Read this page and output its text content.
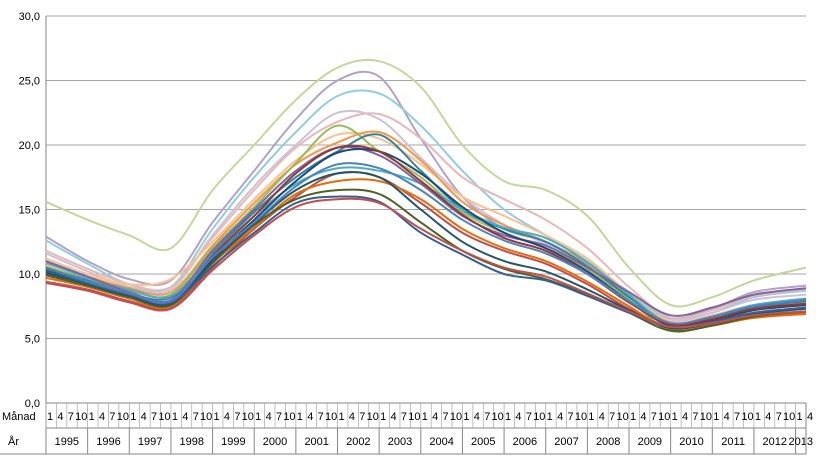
0,0
5,0
10,0
15,0
20,0
25,0
30,0
Månad
År
1 4 7 10
1995
1 4 7 10
1996
1 4 7 10
1997
1 4 7 10
1998
1 4 7 10
1999
1 4 7 10
2000
1 4 7 10
2001
1 4 7 10
2002
1 4 7 10
2003
1 4 7 10
2004
1 4 7 10
2005
1 4 7 10
2006
1 4 7 10
2007
1 4 7 10
2008
1 4 7 10
2009
1 4 7 10
2010
1 4 7 10
2011
1 4 7 10
2012
1 4
2013
